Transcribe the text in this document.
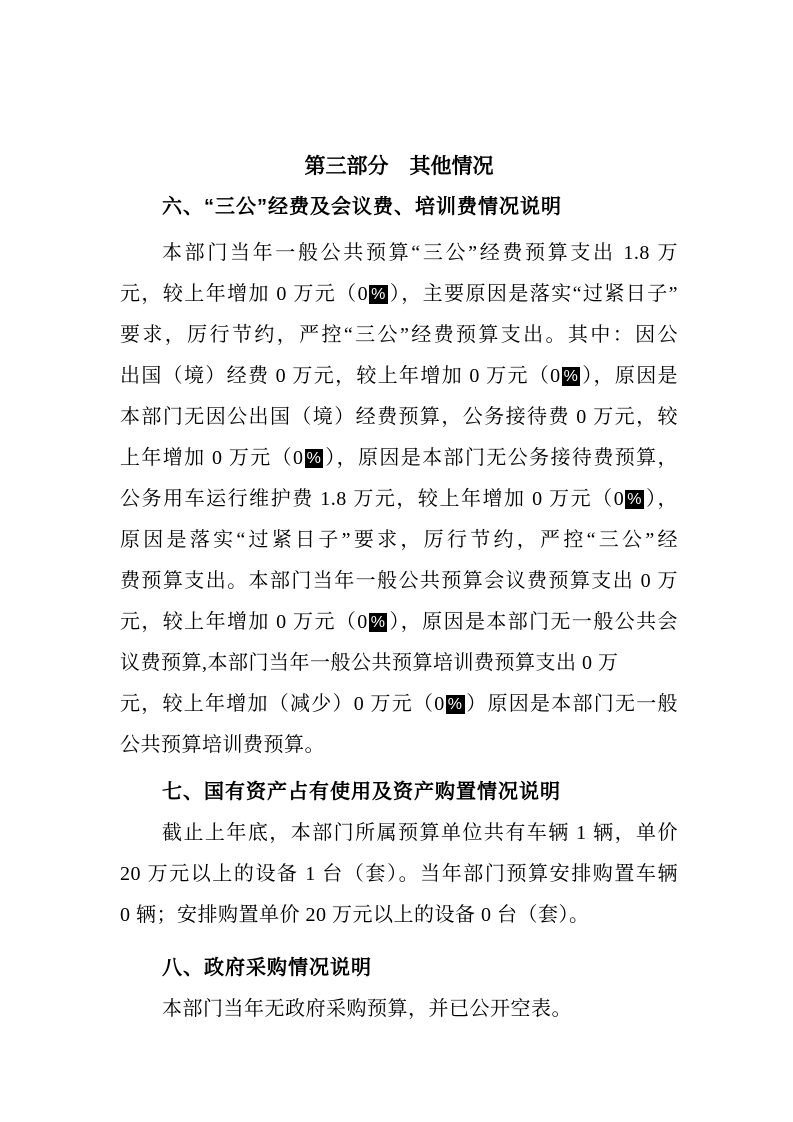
第三部分　其他情况
六、“三公”经费及会议费、培训费情况说明
本部门当年一般公共预算“三公”经费预算支出 1.8 万
元，较上年增加 0 万元（0 % ），主要原因是落实“过紧日子”
要求，厉行节约，严控“三公”经费预算支出。其中：因公
出国（境）经费 0 万元，较上年增加 0 万元（0 % ），原因是
本部门无因公出国（境）经费预算，公务接待费 0 万元，较
上年增加 0 万元（0 % ），原因是本部门无公务接待费预算，
公务用车运行维护费 1.8 万元，较上年增加 0 万元（0 % ），
原因是落实“过紧日子”要求，厉行节约，严控“三公”经
费预算支出。本部门当年一般公共预算会议费预算支出 0 万
元，较上年增加 0 万元（0 % ），原因是本部门无一般公共会
议费预算,本部门当年一般公共预算培训费预算支出 0 万
元，较上年增加（减少）0 万元（0 % ）原因是本部门无一般
公共预算培训费预算。
七、国有资产占有使用及资产购置情况说明
截止上年底，本部门所属预算单位共有车辆 1 辆，单价
20 万元以上的设备 1 台（套）。当年部门预算安排购置车辆
0 辆；安排购置单价 20 万元以上的设备 0 台（套）。
八、政府采购情况说明
本部门当年无政府采购预算，并已公开空表。
